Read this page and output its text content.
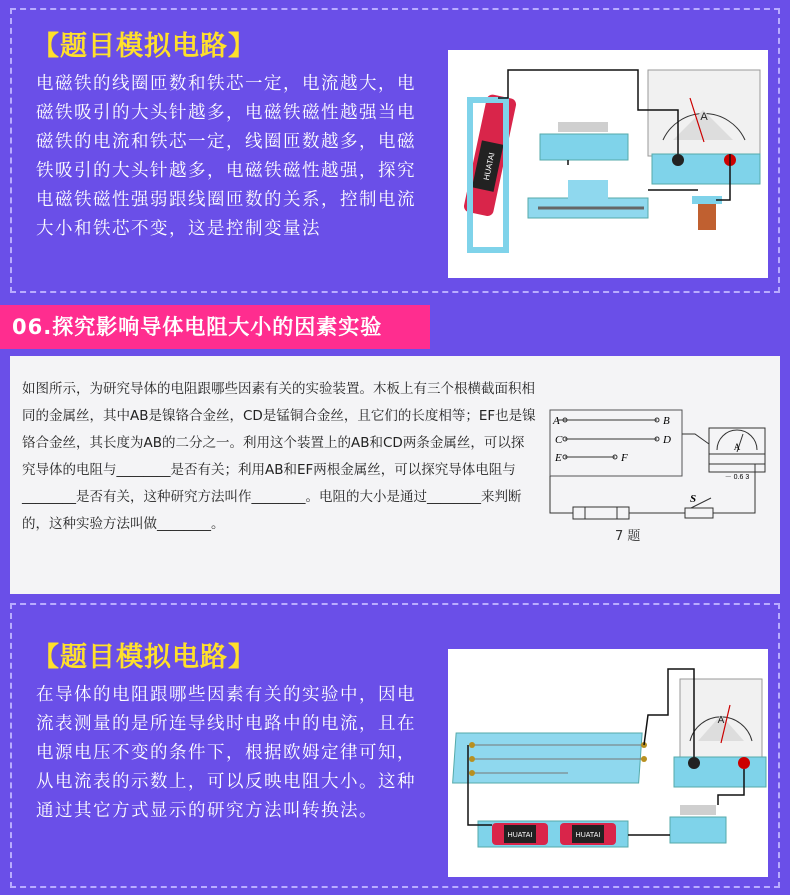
【题目模拟电路】
电磁铁的线圈匝数和铁芯一定，电流越大，电磁铁吸引的大头针越多，电磁铁磁性越强当电磁铁的电流和铁芯一定，线圈匝数越多，电磁铁吸引的大头针越多，电磁铁磁性越强，探究电磁铁磁性强弱跟线圈匝数的关系，控制电流大小和铁芯不变，这是控制变量法
A
HUATAI
06.探究影响导体电阻大小的因素实验
如图所示，为研究导体的电阻跟哪些因素有关的实验装置。木板上有三个根横截面积相同的金属丝，其中AB是镍铬合金丝，CD是锰铜合金丝，且它们的长度相等；EF也是镍铬合金丝，其长度为AB的二分之一。利用这个装置上的AB和CD两条金属丝，可以探究导体的电阻与________是否有关；利用AB和EF两根金属丝，可以探究导体电阻与________是否有关，这种研究方法叫作________。电阻的大小是通过________来判断的，这种实验方法叫做________。
A	B
C	D
E	F
A
－ 0.6 3
S
7 题
【题目模拟电路】
在导体的电阻跟哪些因素有关的实验中，因电流表测量的是所连导线时电路中的电流，且在电源电压不变的条件下，根据欧姆定律可知，从电流表的示数上，可以反映电阻大小。这种通过其它方式显示的研究方法叫转换法。
A
HUATAI	HUATAI
